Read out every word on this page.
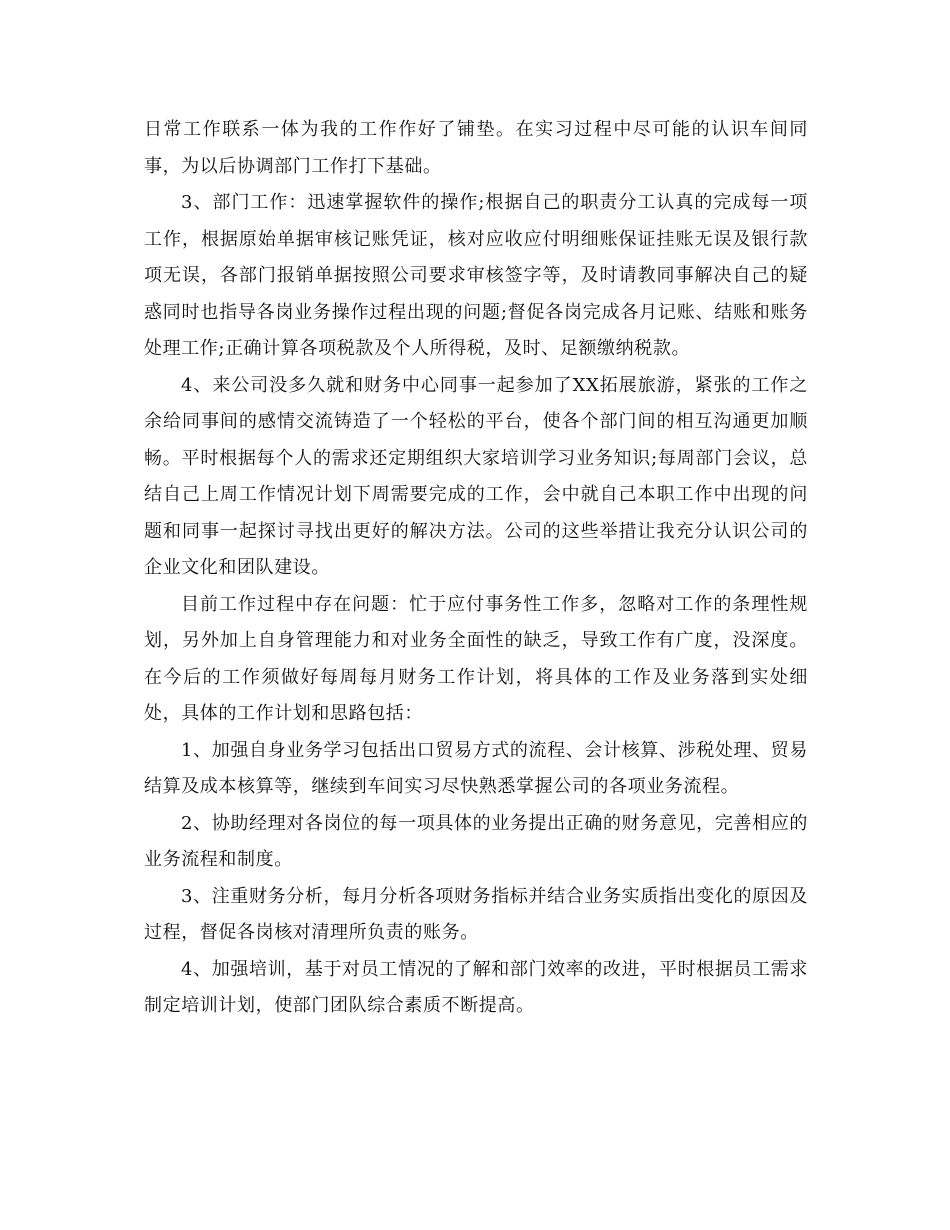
日常工作联系一体为我的工作作好了铺垫。在实习过程中尽可能的认识车间同事，为以后协调部门工作打下基础。

3、部门工作：迅速掌握软件的操作;根据自己的职责分工认真的完成每一项工作，根据原始单据审核记账凭证，核对应收应付明细账保证挂账无误及银行款项无误，各部门报销单据按照公司要求审核签字等，及时请教同事解决自己的疑惑同时也指导各岗业务操作过程出现的问题;督促各岗完成各月记账、结账和账务处理工作;正确计算各项税款及个人所得税，及时、足额缴纳税款。

4、来公司没多久就和财务中心同事一起参加了XX拓展旅游，紧张的工作之余给同事间的感情交流铸造了一个轻松的平台，使各个部门间的相互沟通更加顺畅。平时根据每个人的需求还定期组织大家培训学习业务知识;每周部门会议，总结自己上周工作情况计划下周需要完成的工作，会中就自己本职工作中出现的问题和同事一起探讨寻找出更好的解决方法。公司的这些举措让我充分认识公司的企业文化和团队建设。

目前工作过程中存在问题：忙于应付事务性工作多，忽略对工作的条理性规划，另外加上自身管理能力和对业务全面性的缺乏，导致工作有广度，没深度。在今后的工作须做好每周每月财务工作计划，将具体的工作及业务落到实处细处，具体的工作计划和思路包括：

1、加强自身业务学习包括出口贸易方式的流程、会计核算、涉税处理、贸易结算及成本核算等，继续到车间实习尽快熟悉掌握公司的各项业务流程。

2、协助经理对各岗位的每一项具体的业务提出正确的财务意见，完善相应的业务流程和制度。

3、注重财务分析，每月分析各项财务指标并结合业务实质指出变化的原因及过程，督促各岗核对清理所负责的账务。

4、加强培训，基于对员工情况的了解和部门效率的改进，平时根据员工需求制定培训计划，使部门团队综合素质不断提高。
